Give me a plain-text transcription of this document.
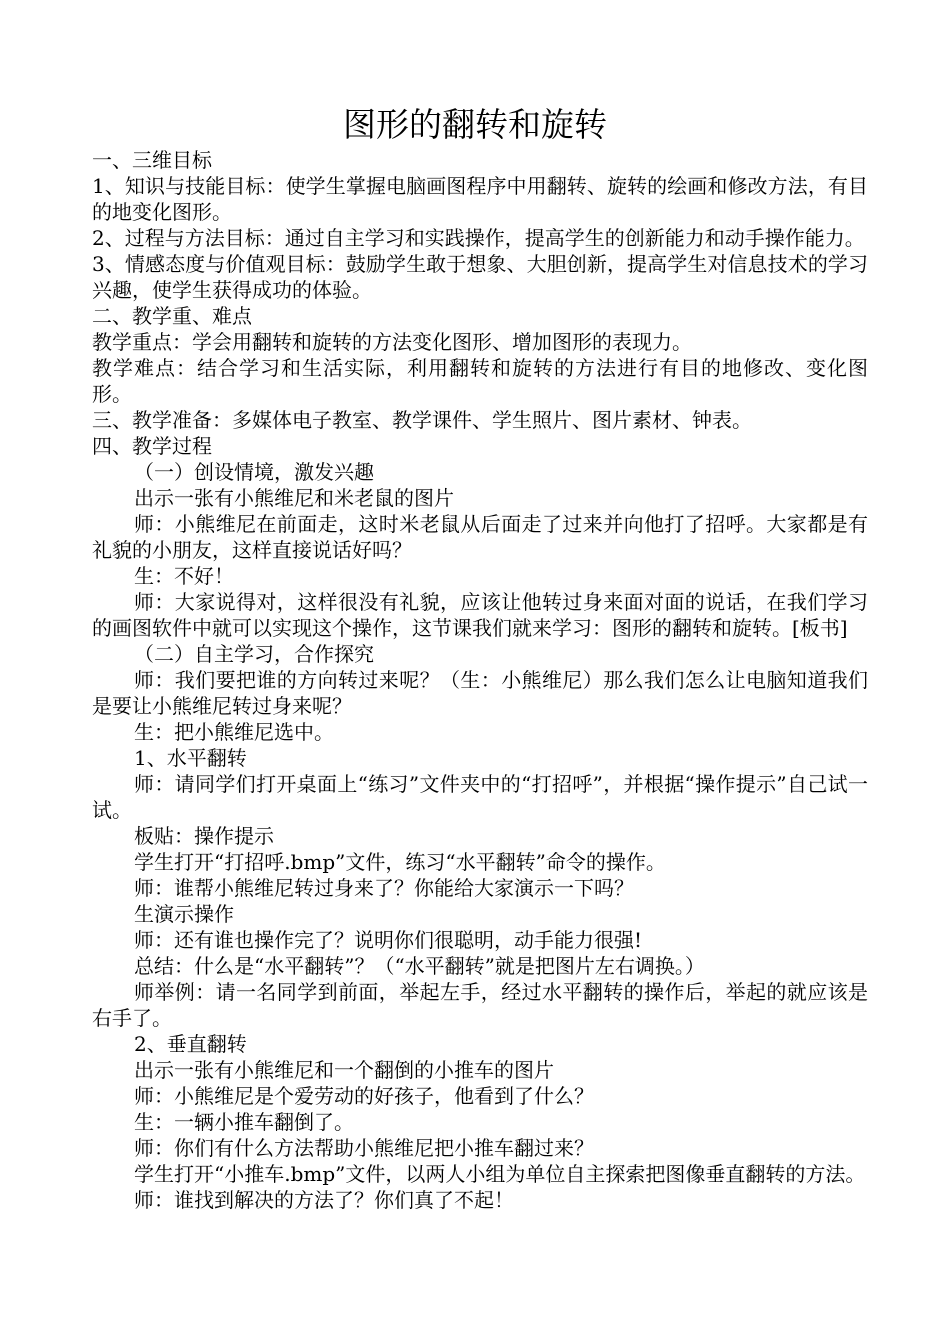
图形的翻转和旋转

一、三维目标

1、知识与技能目标：使学生掌握电脑画图程序中用翻转、旋转的绘画和修改方法，有目的地变化图形。

2、过程与方法目标：通过自主学习和实践操作，提高学生的创新能力和动手操作能力。

3、情感态度与价值观目标：鼓励学生敢于想象、大胆创新，提高学生对信息技术的学习兴趣，使学生获得成功的体验。

二、教学重、难点

教学重点：学会用翻转和旋转的方法变化图形、增加图形的表现力。

教学难点：结合学习和生活实际，利用翻转和旋转的方法进行有目的地修改、变化图形。

三、教学准备：多媒体电子教室、教学课件、学生照片、图片素材、钟表。

四、教学过程

（一）创设情境，激发兴趣

出示一张有小熊维尼和米老鼠的图片

师：小熊维尼在前面走，这时米老鼠从后面走了过来并向他打了招呼。大家都是有礼貌的小朋友，这样直接说话好吗？

生：不好！

师：大家说得对，这样很没有礼貌，应该让他转过身来面对面的说话，在我们学习的画图软件中就可以实现这个操作，这节课我们就来学习：图形的翻转和旋转。[板书]

（二）自主学习，合作探究

师：我们要把谁的方向转过来呢？（生：小熊维尼）那么我们怎么让电脑知道我们是要让小熊维尼转过身来呢？

生：把小熊维尼选中。

1、水平翻转

师：请同学们打开桌面上“练习”文件夹中的“打招呼”，并根据“操作提示”自己试一试。

板贴：操作提示

学生打开“打招呼.bmp”文件，练习“水平翻转”命令的操作。

师：谁帮小熊维尼转过身来了？你能给大家演示一下吗？

生演示操作

师：还有谁也操作完了？说明你们很聪明，动手能力很强!

总结：什么是“水平翻转”？（“水平翻转”就是把图片左右调换。）

师举例：请一名同学到前面，举起左手，经过水平翻转的操作后，举起的就应该是右手了。

2、垂直翻转

出示一张有小熊维尼和一个翻倒的小推车的图片

师：小熊维尼是个爱劳动的好孩子，他看到了什么？

生：一辆小推车翻倒了。

师：你们有什么方法帮助小熊维尼把小推车翻过来？

学生打开“小推车.bmp”文件，以两人小组为单位自主探索把图像垂直翻转的方法。

师：谁找到解决的方法了？你们真了不起！
